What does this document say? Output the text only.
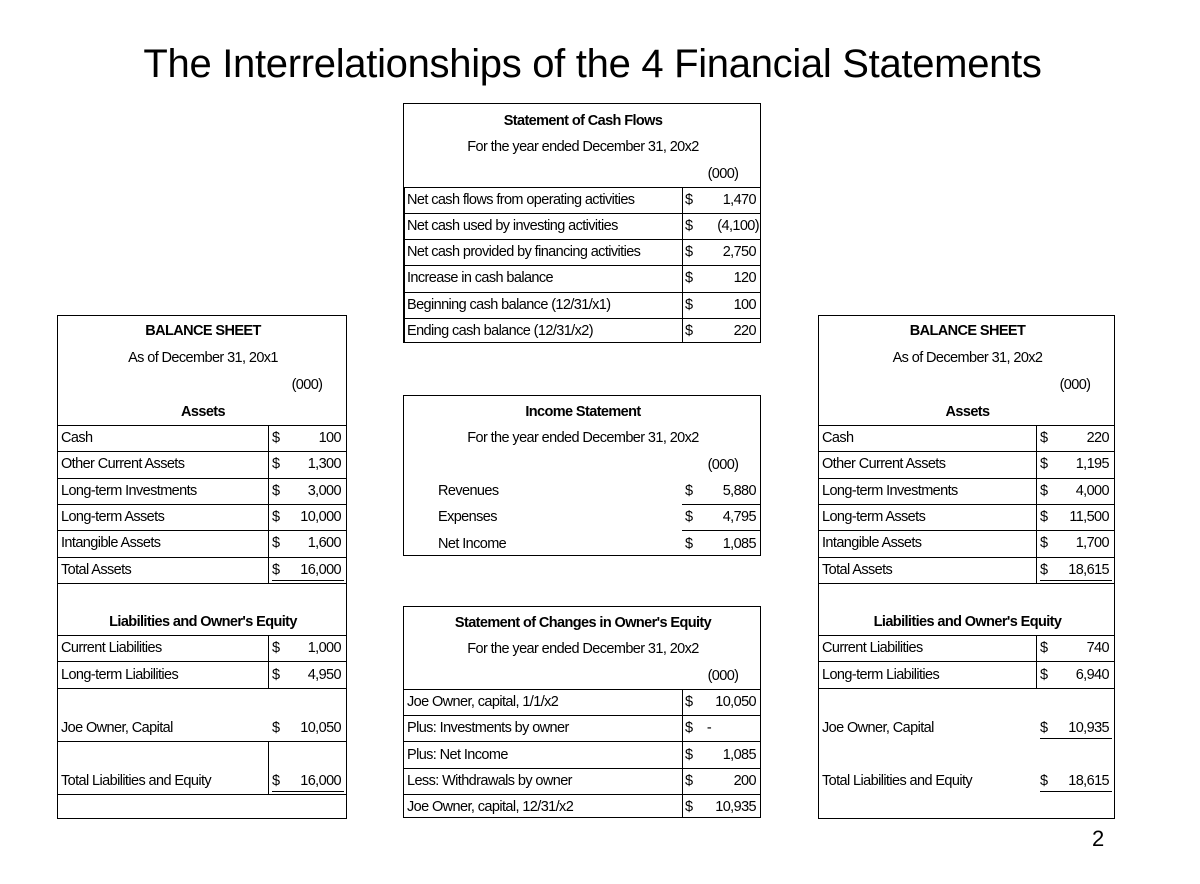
The Interrelationships of the 4 Financial Statements
Statement of Cash Flows
For the year ended December 31, 20x2
(000)
Net cash flows from operating activities	$	1,470
Net cash used by investing activities	$	(4,100)
Net cash provided by financing activities	$	2,750
Increase in cash balance	$	120
Beginning cash balance (12/31/x1)	$	100
Ending cash balance (12/31/x2)	$	220
Income Statement
For the year ended December 31, 20x2
(000)
Revenues	$	5,880
Expenses	$	4,795
Net Income	$	1,085
Statement of Changes in Owner's Equity
For the year ended December 31, 20x2
(000)
Joe Owner, capital, 1/1/x2	$	10,050
Plus: Investments by owner	$ -
Plus: Net Income	$	1,085
Less: Withdrawals by owner	$	200
Joe Owner, capital, 12/31/x2	$	10,935
BALANCE SHEET
As of December 31, 20x1
(000)
Assets
Cash	$	100
Other Current Assets	$	1,300
Long-term Investments	$	3,000
Long-term Assets	$	10,000
Intangible Assets	$	1,600
Total Assets	$	16,000
Liabilities and Owner's Equity
Current Liabilities	$	1,000
Long-term Liabilities	$	4,950
Joe Owner, Capital	$	10,050
Total Liabilities and Equity	$	16,000
BALANCE SHEET
As of December 31, 20x2
(000)
Assets
Cash	$	220
Other Current Assets	$	1,195
Long-term Investments	$	4,000
Long-term Assets	$	11,500
Intangible Assets	$	1,700
Total Assets	$	18,615
Liabilities and Owner's Equity
Current Liabilities	$	740
Long-term Liabilities	$	6,940
Joe Owner, Capital	$	10,935
Total Liabilities and Equity	$	18,615
2
